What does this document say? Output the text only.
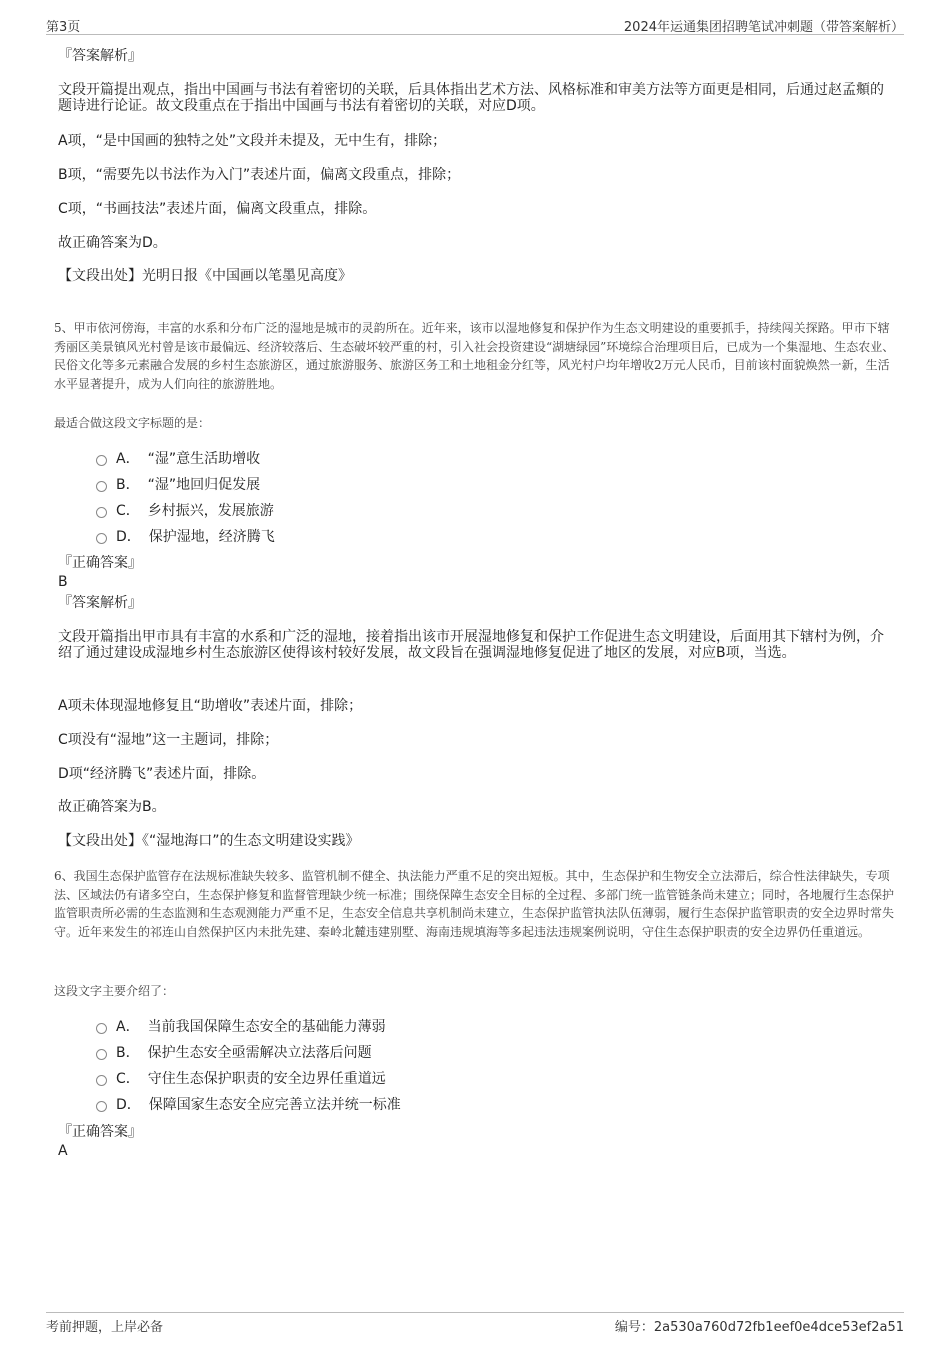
第3页	2024年运通集团招聘笔试冲刺题（带答案解析）
『答案解析』
文段开篇提出观点，指出中国画与书法有着密切的关联，后具体指出艺术方法、风格标准和审美方法等方面更是相同，后通过赵孟頫的题诗进行论证。故文段重点在于指出中国画与书法有着密切的关联，对应D项。
A项，“是中国画的独特之处”文段并未提及，无中生有，排除；
B项，“需要先以书法作为入门”表述片面，偏离文段重点，排除；
C项，“书画技法”表述片面，偏离文段重点，排除。
故正确答案为D。
【文段出处】光明日报《中国画以笔墨见高度》

5、甲市依河傍海，丰富的水系和分布广泛的湿地是城市的灵韵所在。近年来，该市以湿地修复和保护作为生态文明建设的重要抓手，持续闯关探路。甲市下辖秀丽区美景镇风光村曾是该市最偏远、经济较落后、生态破坏较严重的村，引入社会投资建设“湖塘绿园”环境综合治理项目后，已成为一个集湿地、生态农业、民俗文化等多元素融合发展的乡村生态旅游区，通过旅游服务、旅游区务工和土地租金分红等，风光村户均年增收2万元人民币，目前该村面貌焕然一新，生活水平显著提升，成为人们向往的旅游胜地。

最适合做这段文字标题的是：

A． “湿”意生活助增收
B． “湿”地回归促发展
C． 乡村振兴，发展旅游
D． 保护湿地，经济腾飞
『正确答案』
B
『答案解析』
文段开篇指出甲市具有丰富的水系和广泛的湿地，接着指出该市开展湿地修复和保护工作促进生态文明建设，后面用其下辖村为例，介绍了通过建设成湿地乡村生态旅游区使得该村较好发展，故文段旨在强调湿地修复促进了地区的发展，对应B项，当选。
A项未体现湿地修复且“助增收”表述片面，排除；
C项没有“湿地”这一主题词，排除；
D项“经济腾飞”表述片面，排除。
故正确答案为B。
【文段出处】《“湿地海口”的生态文明建设实践》

6、我国生态保护监管存在法规标准缺失较多、监管机制不健全、执法能力严重不足的突出短板。其中，生态保护和生物安全立法滞后，综合性法律缺失，专项法、区域法仍有诸多空白，生态保护修复和监督管理缺少统一标准；围绕保障生态安全目标的全过程、多部门统一监管链条尚未建立；同时，各地履行生态保护监管职责所必需的生态监测和生态观测能力严重不足，生态安全信息共享机制尚未建立，生态保护监管执法队伍薄弱，履行生态保护监管职责的安全边界时常失守。近年来发生的祁连山自然保护区内未批先建、秦岭北麓违建别墅、海南违规填海等多起违法违规案例说明，守住生态保护职责的安全边界仍任重道远。

这段文字主要介绍了：

A． 当前我国保障生态安全的基础能力薄弱
B． 保护生态安全亟需解决立法落后问题
C． 守住生态保护职责的安全边界任重道远
D． 保障国家生态安全应完善立法并统一标准
『正确答案』
A
考前押题，上岸必备	编号：2a530a760d72fb1eef0e4dce53ef2a51
